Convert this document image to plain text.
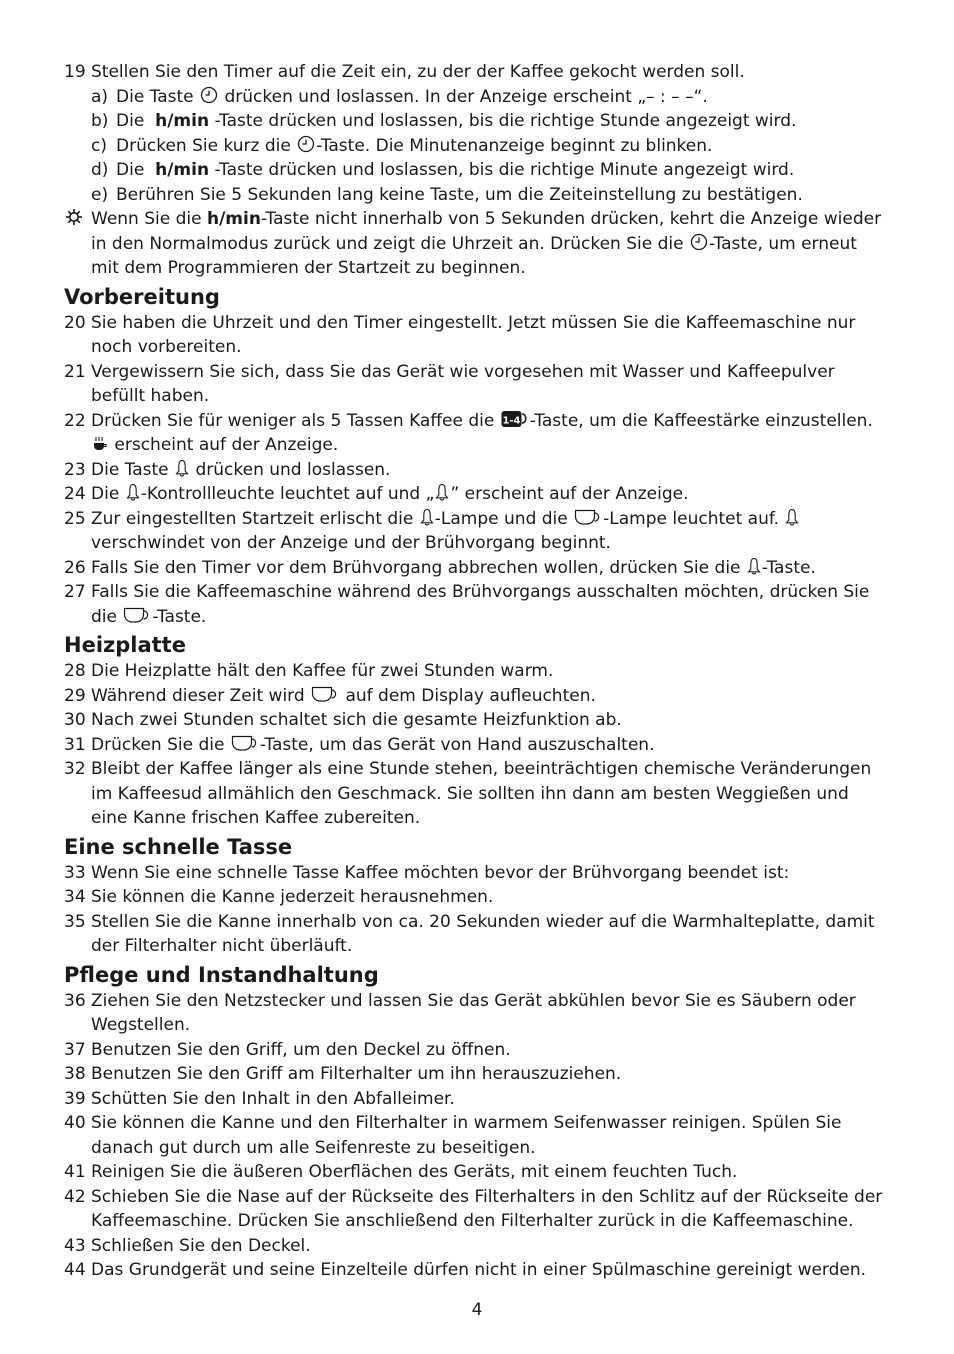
19 Stellen Sie den Timer auf die Zeit ein, zu der der Kaffee gekocht werden soll.
a) Die Taste drücken und loslassen. In der Anzeige erscheint „– : – –“.
b) Die h/min -Taste drücken und loslassen, bis die richtige Stunde angezeigt wird.
c) Drücken Sie kurz die -Taste. Die Minutenanzeige beginnt zu blinken.
d) Die h/min -Taste drücken und loslassen, bis die richtige Minute angezeigt wird.
e) Berühren Sie 5 Sekunden lang keine Taste, um die Zeiteinstellung zu bestätigen.
Wenn Sie die h/min-Taste nicht innerhalb von 5 Sekunden drücken, kehrt die Anzeige wieder in den Normalmodus zurück und zeigt die Uhrzeit an. Drücken Sie die -Taste, um erneut mit dem Programmieren der Startzeit zu beginnen.
Vorbereitung
20 Sie haben die Uhrzeit und den Timer eingestellt. Jetzt müssen Sie die Kaffeemaschine nur noch vorbereiten.
21 Vergewissern Sie sich, dass Sie das Gerät wie vorgesehen mit Wasser und Kaffeepulver befüllt haben.
22 Drücken Sie für weniger als 5 Tassen Kaffee die 1-4 -Taste, um die Kaffeestärke einzustellen.  erscheint auf der Anzeige.
23 Die Taste drücken und loslassen.
24 Die -Kontrollleuchte leuchtet auf und „ ” erscheint auf der Anzeige.
25 Zur eingestellten Startzeit erlischt die -Lampe und die -Lampe leuchtet auf.  verschwindet von der Anzeige und der Brühvorgang beginnt.
26 Falls Sie den Timer vor dem Brühvorgang abbrechen wollen, drücken Sie die -Taste.
27 Falls Sie die Kaffeemaschine während des Brühvorgangs ausschalten möchten, drücken Sie die -Taste.
Heizplatte
28 Die Heizplatte hält den Kaffee für zwei Stunden warm.
29 Während dieser Zeit wird auf dem Display aufleuchten.
30 Nach zwei Stunden schaltet sich die gesamte Heizfunktion ab.
31 Drücken Sie die -Taste, um das Gerät von Hand auszuschalten.
32 Bleibt der Kaffee länger als eine Stunde stehen, beeinträchtigen chemische Veränderungen im Kaffeesud allmählich den Geschmack. Sie sollten ihn dann am besten Weggießen und eine Kanne frischen Kaffee zubereiten.
Eine schnelle Tasse
33 Wenn Sie eine schnelle Tasse Kaffee möchten bevor der Brühvorgang beendet ist:
34 Sie können die Kanne jederzeit herausnehmen.
35 Stellen Sie die Kanne innerhalb von ca. 20 Sekunden wieder auf die Warmhalteplatte, damit der Filterhalter nicht überläuft.
Pflege und Instandhaltung
36 Ziehen Sie den Netzstecker und lassen Sie das Gerät abkühlen bevor Sie es Säubern oder Wegstellen.
37 Benutzen Sie den Griff, um den Deckel zu öffnen.
38 Benutzen Sie den Griff am Filterhalter um ihn herauszuziehen.
39 Schütten Sie den Inhalt in den Abfalleimer.
40 Sie können die Kanne und den Filterhalter in warmem Seifenwasser reinigen. Spülen Sie danach gut durch um alle Seifenreste zu beseitigen.
41 Reinigen Sie die äußeren Oberflächen des Geräts, mit einem feuchten Tuch.
42 Schieben Sie die Nase auf der Rückseite des Filterhalters in den Schlitz auf der Rückseite der Kaffeemaschine. Drücken Sie anschließend den Filterhalter zurück in die Kaffeemaschine.
43 Schließen Sie den Deckel.
44 Das Grundgerät und seine Einzelteile dürfen nicht in einer Spülmaschine gereinigt werden.
4
